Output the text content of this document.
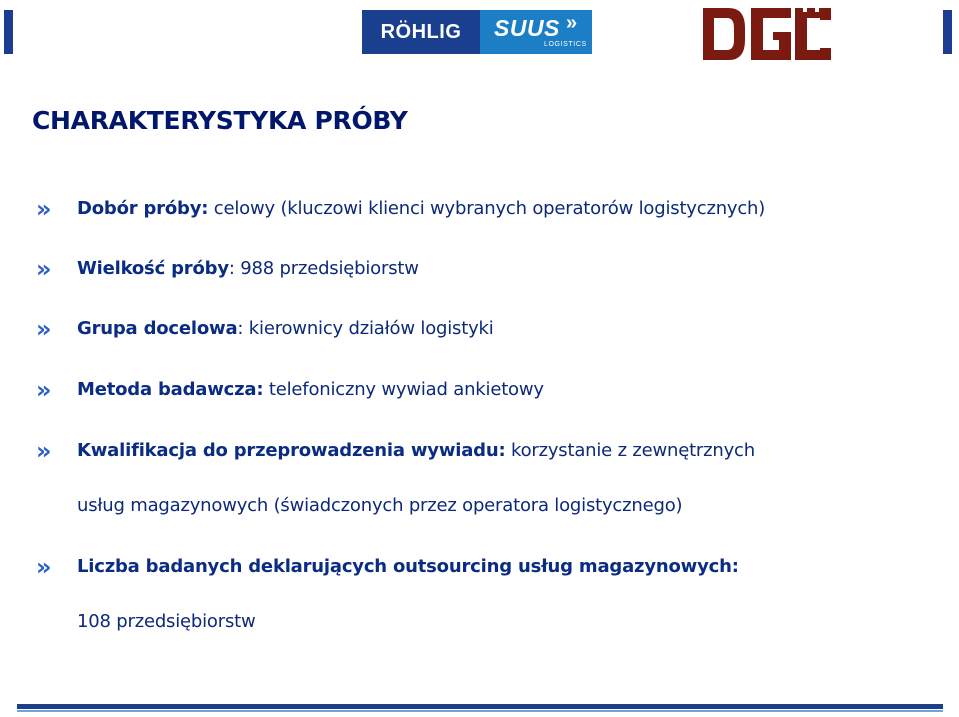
RÖHLIG	SUUS »
LOGISTICS
CHARAKTERYSTYKA PRÓBY
» Dobór próby: celowy (kluczowi klienci wybranych operatorów logistycznych)
» Wielkość próby: 988 przedsiębiorstw
» Grupa docelowa: kierownicy działów logistyki
» Metoda badawcza: telefoniczny wywiad ankietowy
» Kwalifikacja do przeprowadzenia wywiadu: korzystanie z zewnętrznych
usług magazynowych (świadczonych przez operatora logistycznego)
» Liczba badanych deklarujących outsourcing usług magazynowych:
108 przedsiębiorstw
